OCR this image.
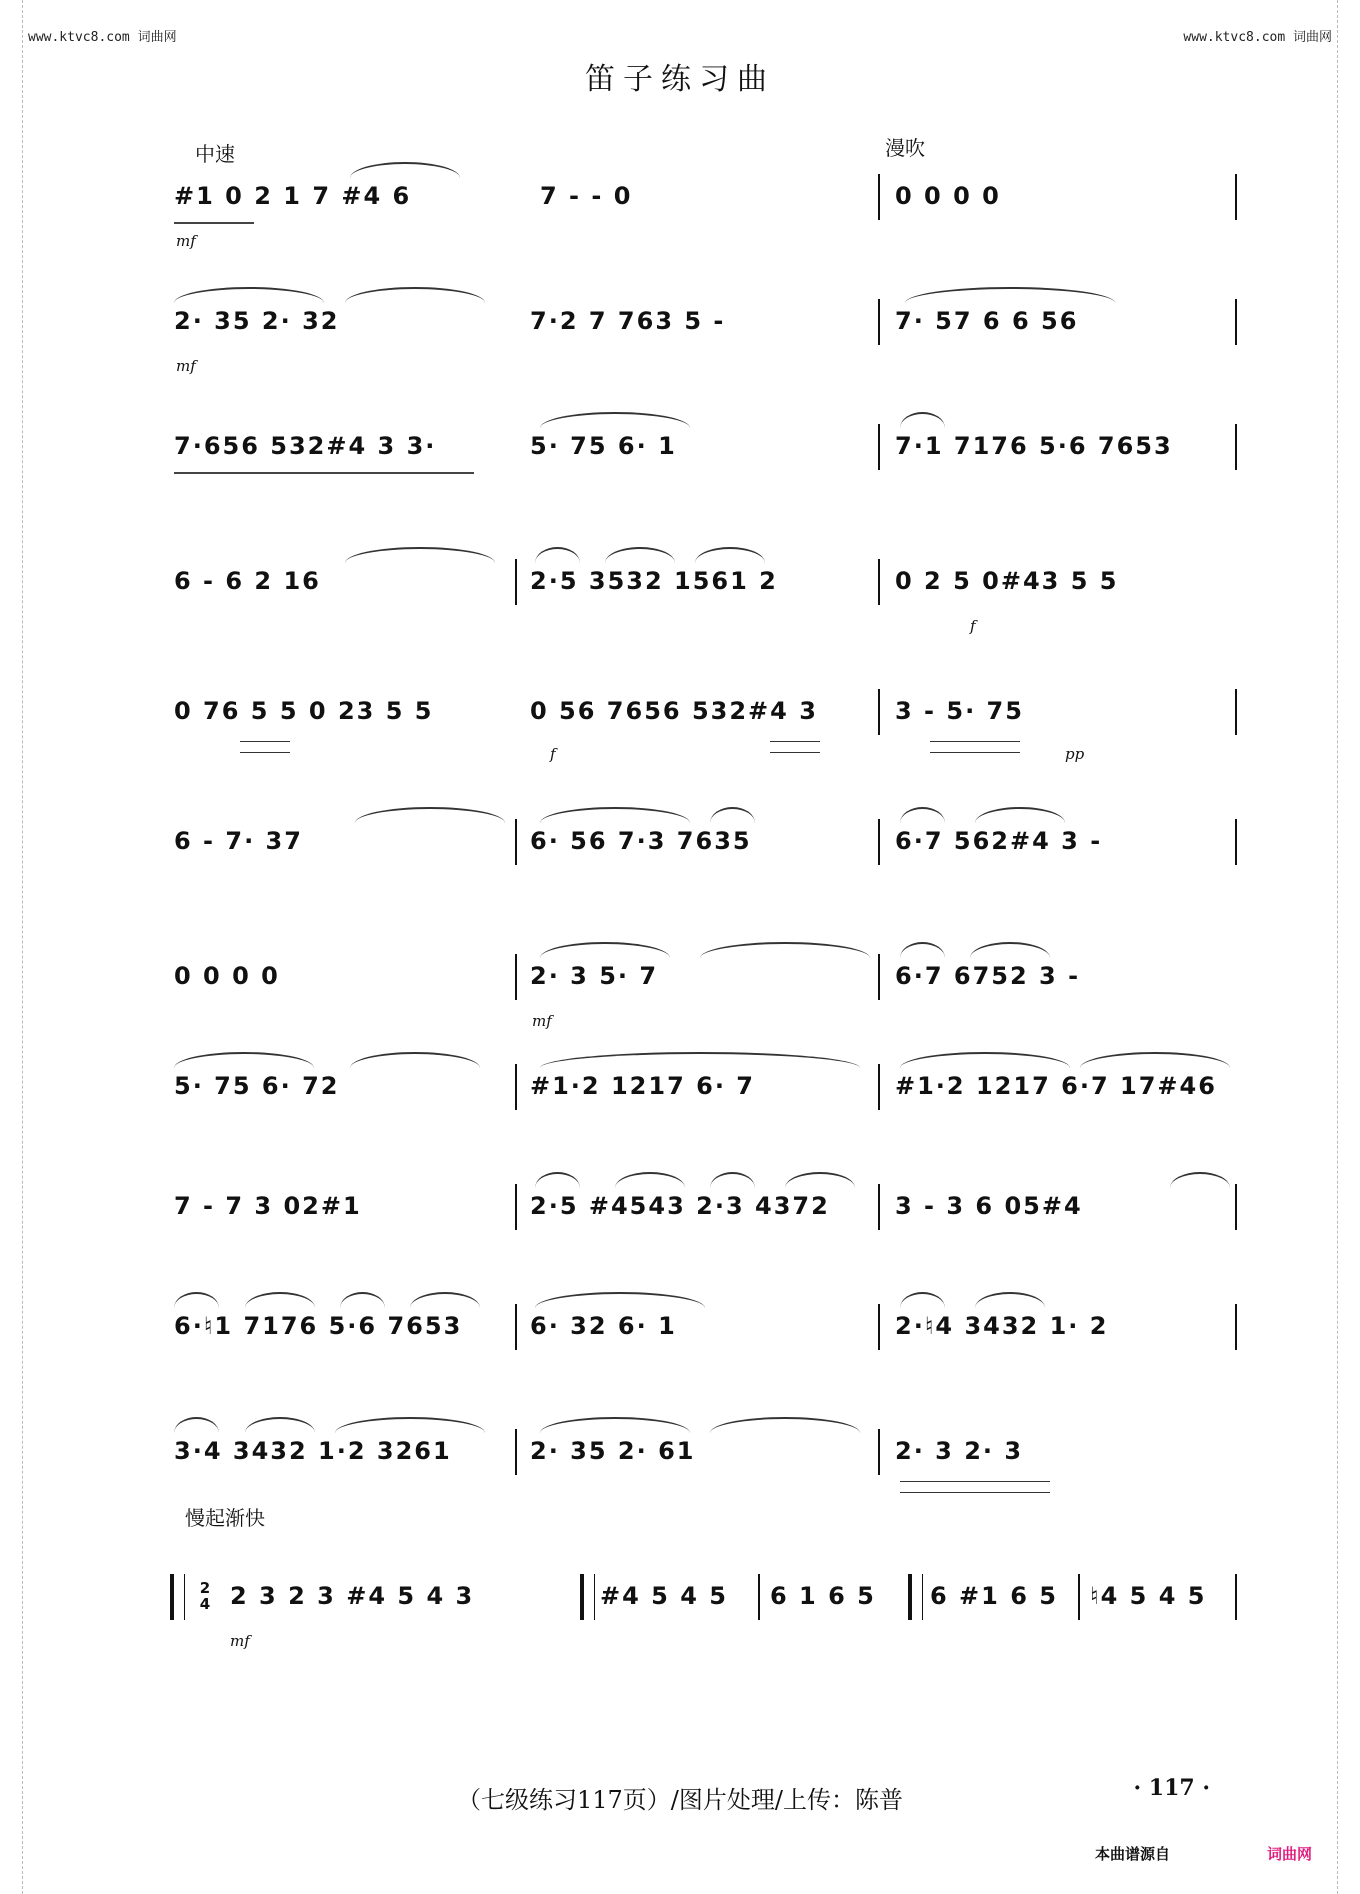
www.ktvc8.com 词曲网	www.ktvc8.com 词曲网
笛子练习曲
中速	漫吹
#1 0 2 1 7 #4 6	7 - - 0	0 0 0 0
mf
2· 35 2· 32	7·2 7 763 5 -	7· 57 6 6 56
mf
7·656 532#4 3 3·	5· 75 6· 1	7·1 7176 5·6 7653
6 - 6 2 16	2·5 3532 1561 2	0 2 5 0#43 5 5
f
0 76 5 5 0 23 5 5	0 56 7656 532#4 3	3 - 5· 75
f	pp
6 - 7· 37	6· 56 7·3 7635	6·7 562#4 3 -
0 0 0 0	2· 3 5· 7	6·7 6752 3 -
mf
5· 75 6· 72	#1·2 1217 6· 7	#1·2 1217 6·7 17#46
7 - 7 3 02#1	2·5 #4543 2·3 4372	3 - 3 6 05#4
6·♮1 7176 5·6 7653	6· 32 6· 1	2·♮4 3432 1· 2
3·4 3432 1·2 3261	2· 35 2· 61	2· 3 2· 3
慢起渐快
2
4 2 3 2 3 #4 5 4 3	#4 5 4 5 6 1 6 5 6 #1 6 5 ♮4 5 4 5
mf
（七级练习117页）/图片处理/上传：陈普	· 117 ·
本曲谱源自	词曲网
